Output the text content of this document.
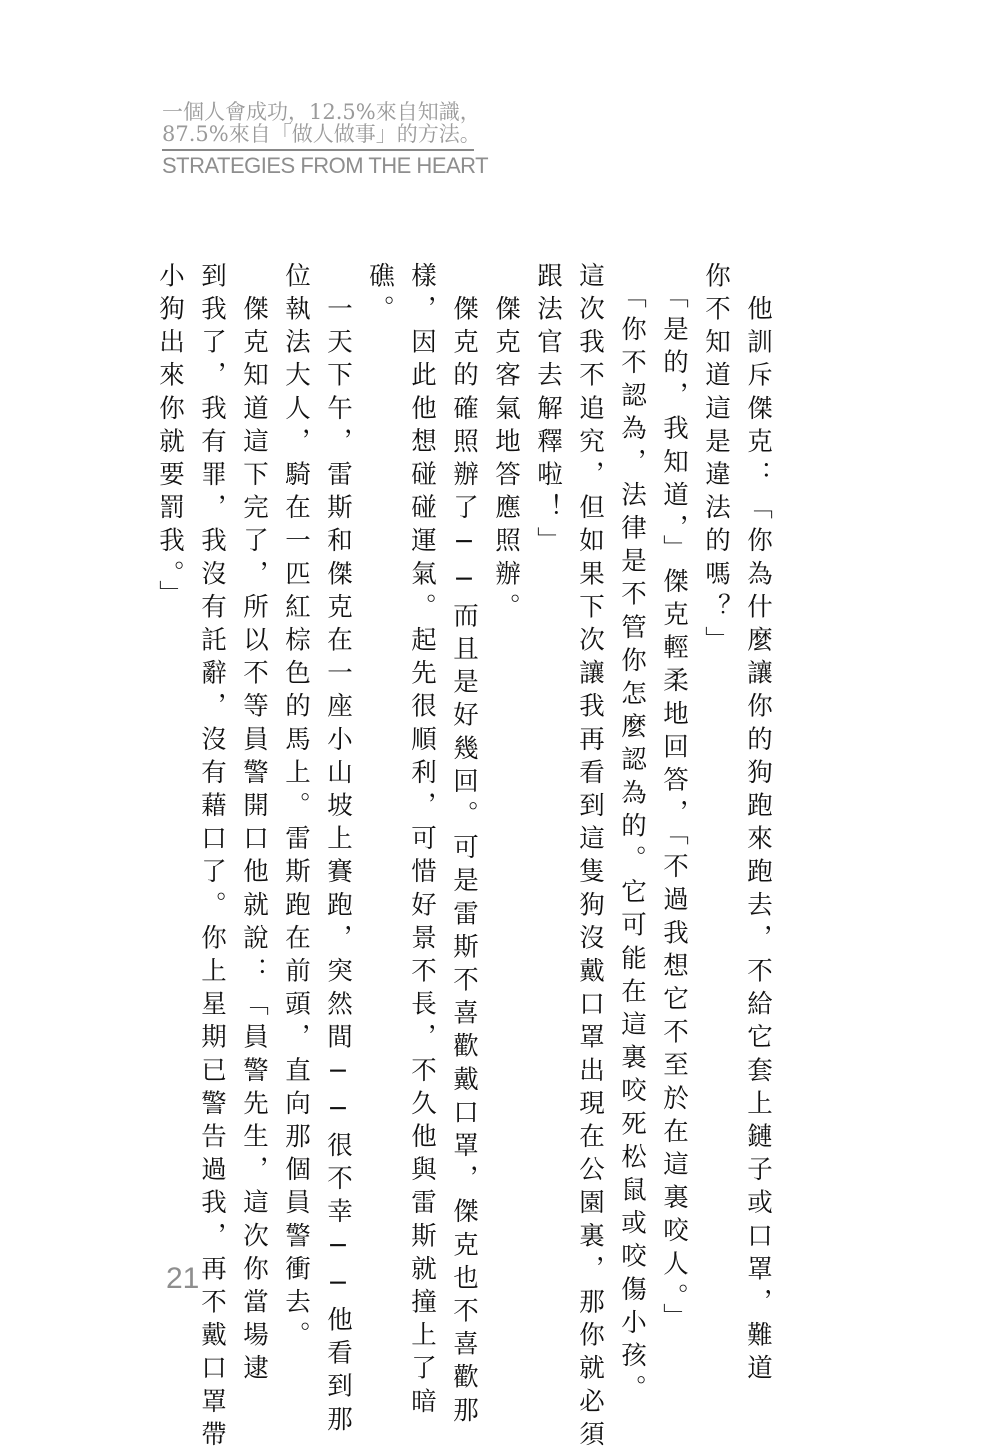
一個人會成功，12.5%來自知識，

87.5%來自「做人做事」的方法。

STRATEGIES FROM THE HEART
　他訓斥傑克：「你為什麼讓你的狗跑來跑去，不給它套上鏈子或口罩，難道
你不知道這是違法的嗎？」
　「是的，我知道，」傑克輕柔地回答，「不過我想它不至於在這裏咬人。」
　「你不認為，法律是不管你怎麼認為的。它可能在這裏咬死松鼠或咬傷小孩。
這次我不追究，但如果下次讓我再看到這隻狗沒戴口罩出現在公園裏，那你就必須
跟法官去解釋啦！」
　傑克客氣地答應照辦。
　傑克的確照辦了──而且是好幾回。可是雷斯不喜歡戴口罩，傑克也不喜歡那
樣，因此他想碰碰運氣。起先很順利，可惜好景不長，不久他與雷斯就撞上了暗
礁。
　一天下午，雷斯和傑克在一座小山坡上賽跑，突然間──很不幸──他看到那
位執法大人，騎在一匹紅棕色的馬上。雷斯跑在前頭，直向那個員警衝去。
　傑克知道這下完了，所以不等員警開口他就說：「員警先生，這次你當場逮
到我了，我有罪，我沒有託辭，沒有藉口了。你上星期已警告過我，再不戴口罩帶
小狗出來你就要罰我。」
21
